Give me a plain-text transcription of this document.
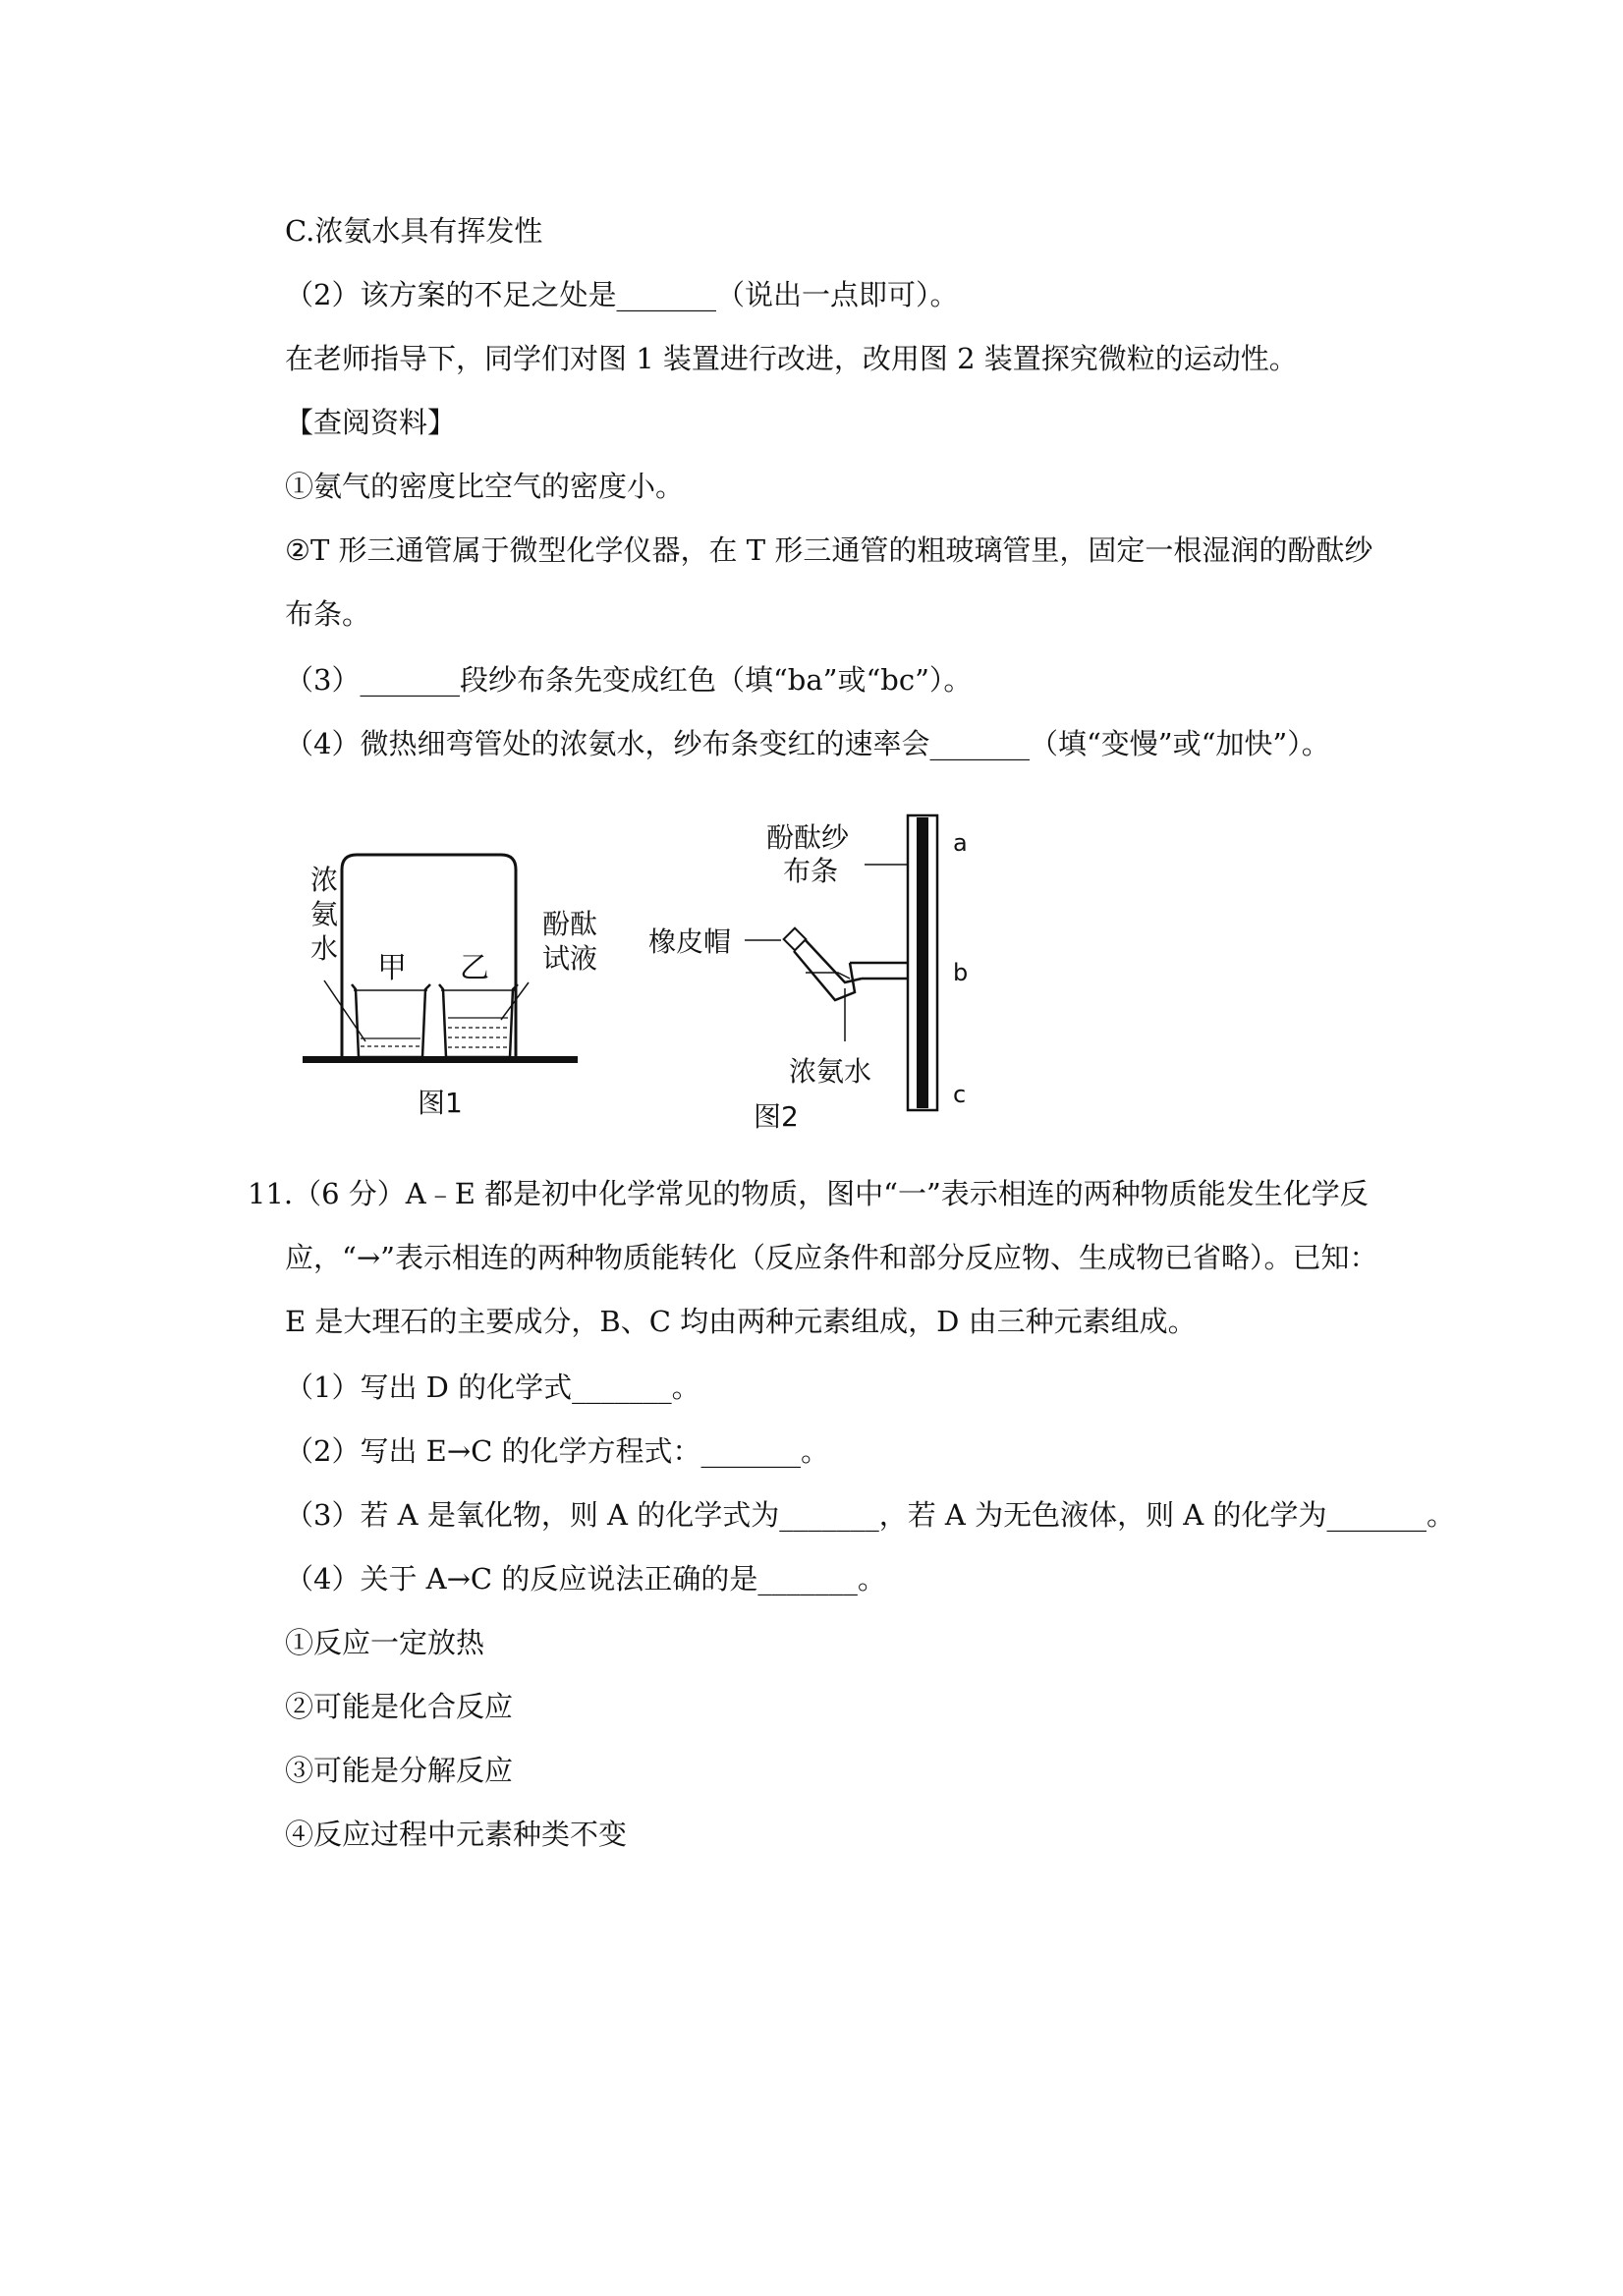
C.浓氨水具有挥发性
（2）该方案的不足之处是_______（说出一点即可）。
在老师指导下，同学们对图 1 装置进行改进，改用图 2 装置探究微粒的运动性。
【查阅资料】
①氨气的密度比空气的密度小。
②T 形三通管属于微型化学仪器，在 T 形三通管的粗玻璃管里，固定一根湿润的酚酞纱
布条。
（3）_______段纱布条先变成红色（填“ba”或“bc”）。
（4）微热细弯管处的浓氨水，纱布条变红的速率会_______（填“变慢”或“加快”）。
浓
氨
水
甲 乙
酚酞
试液
图1
酚酞纱
布条
橡皮帽
浓氨水
a
b
c
图2
11.（6 分）A﹣E 都是初中化学常见的物质，图中“一”表示相连的两种物质能发生化学反
应，“→”表示相连的两种物质能转化（反应条件和部分反应物、生成物已省略）。已知：
E 是大理石的主要成分，B、C 均由两种元素组成，D 由三种元素组成。
（1）写出 D 的化学式_______。
（2）写出 E→C 的化学方程式：_______。
（3）若 A 是氧化物，则 A 的化学式为_______，若 A 为无色液体，则 A 的化学为_______。
（4）关于 A→C 的反应说法正确的是_______。
①反应一定放热
②可能是化合反应
③可能是分解反应
④反应过程中元素种类不变
